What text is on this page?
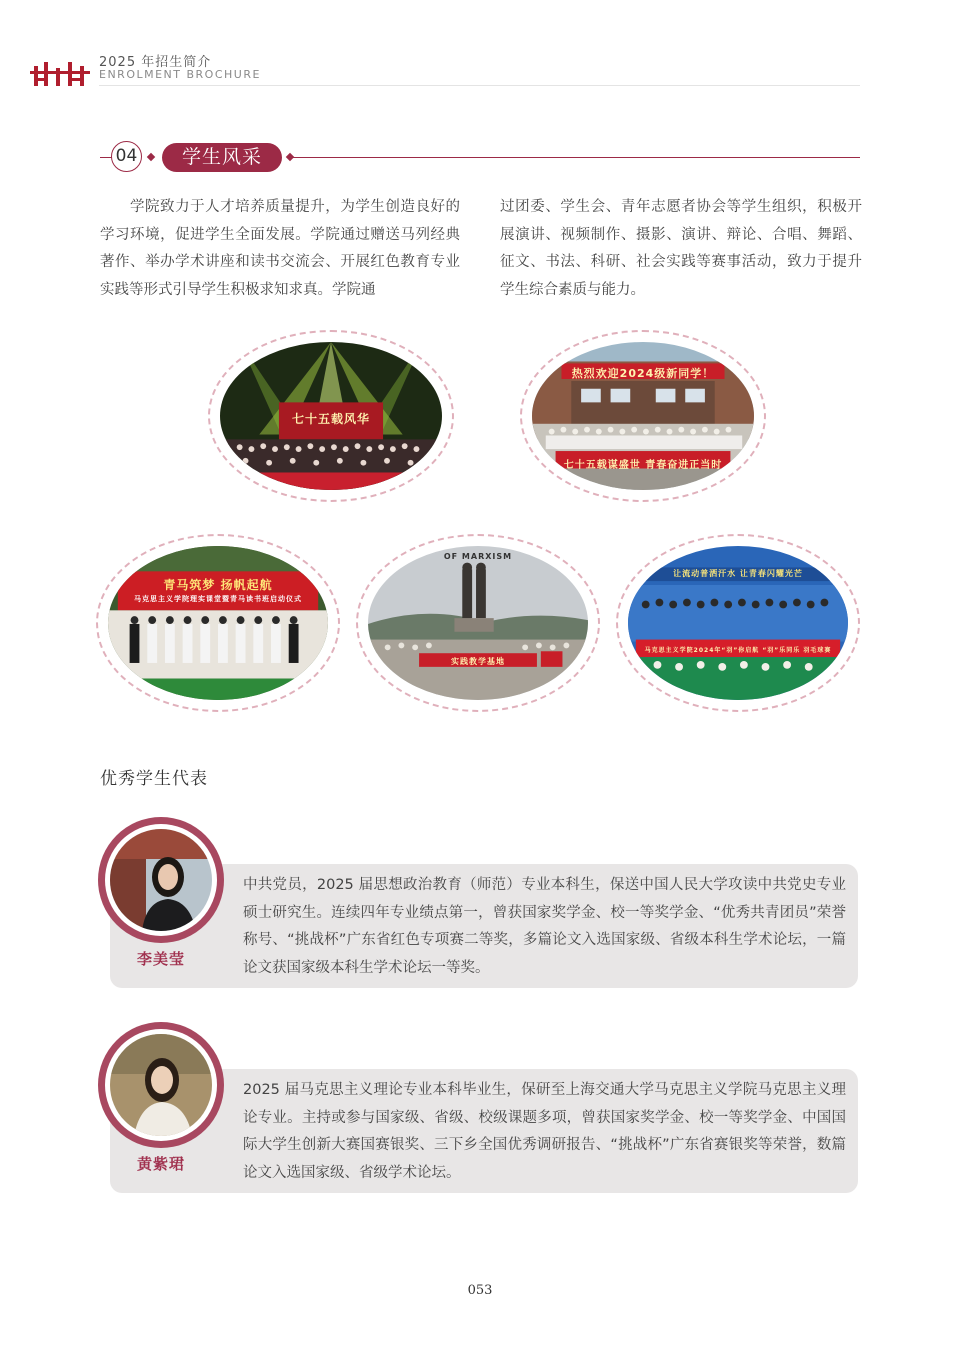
2025 年招生简介
ENROLMENT BROCHURE
04	学生风采
学院致力于人才培养质量提升，为学生创造良好的学习环境，促进学生全面发展。学院通过赠送马列经典著作、举办学术讲座和读书交流会、开展红色教育专业实践等形式引导学生积极求知求真。学院通
过团委、学生会、青年志愿者协会等学生组织，积极开展演讲、视频制作、摄影、演讲、辩论、合唱、舞蹈、征文、书法、科研、社会实践等赛事活动，致力于提升学生综合素质与能力。
七十五载风华
热烈欢迎2024级新同学！
七十五载谋盛世 青春奋进正当时
青马筑梦 扬帆起航
马克思主义学院理实课堂暨青马读书班启动仪式
OF MARXISM
实践教学基地
让流动普洒汗水 让青春闪耀光芒
马克思主义学院2024年“羽”你启航 “羽”乐同乐 羽毛球赛
优秀学生代表
中共党员，2025 届思想政治教育（师范）专业本科生，保送中国人民大学攻读中共党史专业硕士研究生。连续四年专业绩点第一，曾获国家奖学金、校一等奖学金、“优秀共青团员”荣誉称号、“挑战杯”广东省红色专项赛二等奖，多篇论文入选国家级、省级本科生学术论坛，一篇论文获国家级本科生学术论坛一等奖。
李美莹
2025 届马克思主义理论专业本科毕业生，保研至上海交通大学马克思主义学院马克思主义理论专业。主持或参与国家级、省级、校级课题多项，曾获国家奖学金、校一等奖学金、中国国际大学生创新大赛国赛银奖、三下乡全国优秀调研报告、“挑战杯”广东省赛银奖等荣誉，数篇论文入选国家级、省级学术论坛。
黄紫珺
053
